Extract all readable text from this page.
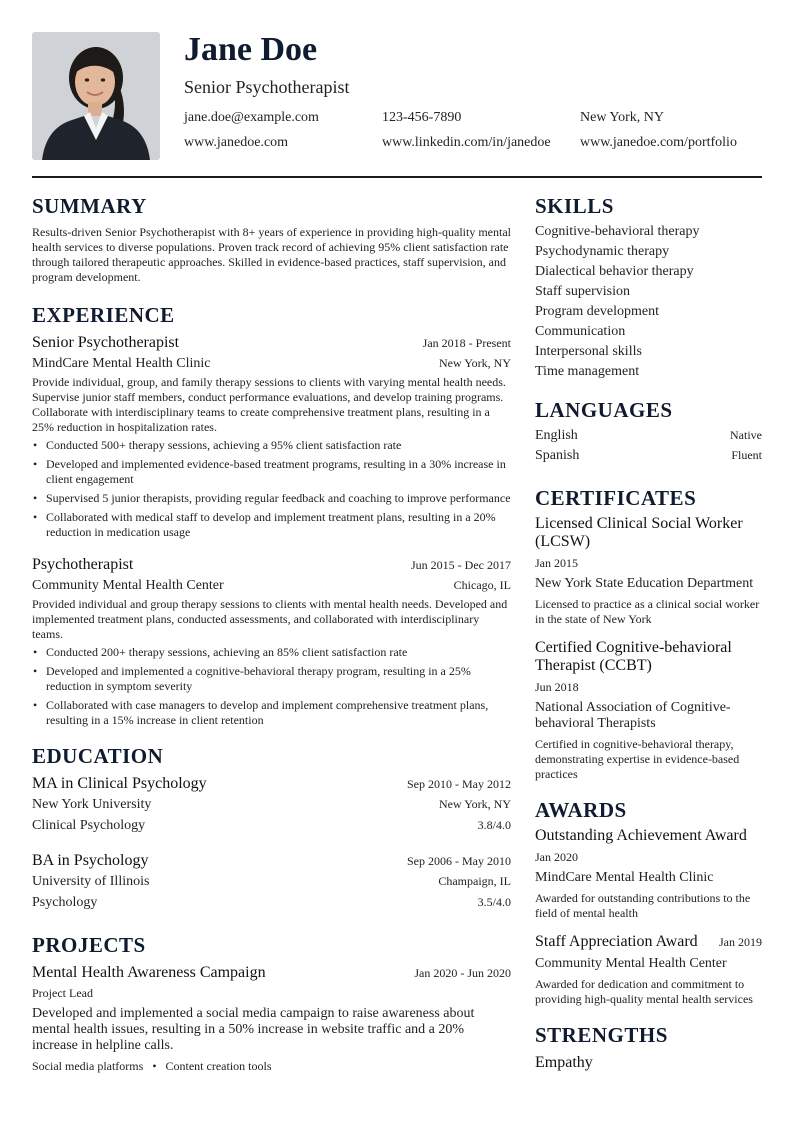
Jane Doe
Senior Psychotherapist
jane.doe@example.com	123-456-7890	New York, NY
www.janedoe.com	www.linkedin.com/in/janedoe	www.janedoe.com/portfolio
SUMMARY
Results-driven Senior Psychotherapist with 8+ years of experience in providing high-quality mental health services to diverse populations. Proven track record of achieving 95% client satisfaction rate through tailored therapeutic approaches. Skilled in evidence-based practices, staff supervision, and program development.
EXPERIENCE
Senior Psychotherapist	Jan 2018 - Present
MindCare Mental Health Clinic	New York, NY
Provide individual, group, and family therapy sessions to clients with varying mental health needs. Supervise junior staff members, conduct performance evaluations, and develop training programs. Collaborate with interdisciplinary teams to create comprehensive treatment plans, resulting in a 25% reduction in hospitalization rates.
• Conducted 500+ therapy sessions, achieving a 95% client satisfaction rate
• Developed and implemented evidence-based treatment programs, resulting in a 30% increase in client engagement
• Supervised 5 junior therapists, providing regular feedback and coaching to improve performance
• Collaborated with medical staff to develop and implement treatment plans, resulting in a 20% reduction in medication usage
Psychotherapist	Jun 2015 - Dec 2017
Community Mental Health Center	Chicago, IL
Provided individual and group therapy sessions to clients with mental health needs. Developed and implemented treatment plans, conducted assessments, and collaborated with interdisciplinary teams.
• Conducted 200+ therapy sessions, achieving an 85% client satisfaction rate
• Developed and implemented a cognitive-behavioral therapy program, resulting in a 25% reduction in symptom severity
• Collaborated with case managers to develop and implement comprehensive treatment plans, resulting in a 15% increase in client retention
EDUCATION
MA in Clinical Psychology	Sep 2010 - May 2012
New York University	New York, NY
Clinical Psychology	3.8/4.0
BA in Psychology	Sep 2006 - May 2010
University of Illinois	Champaign, IL
Psychology	3.5/4.0
PROJECTS
Mental Health Awareness Campaign	Jan 2020 - Jun 2020
Project Lead
Developed and implemented a social media campaign to raise awareness about mental health issues, resulting in a 50% increase in website traffic and a 20% increase in helpline calls.
Social media platforms • Content creation tools
SKILLS
Cognitive-behavioral therapy
Psychodynamic therapy
Dialectical behavior therapy
Staff supervision
Program development
Communication
Interpersonal skills
Time management
LANGUAGES
English	Native
Spanish	Fluent
CERTIFICATES
Licensed Clinical Social Worker (LCSW)
Jan 2015
New York State Education Department
Licensed to practice as a clinical social worker in the state of New York
Certified Cognitive-behavioral Therapist (CCBT)
Jun 2018
National Association of Cognitive-behavioral Therapists
Certified in cognitive-behavioral therapy, demonstrating expertise in evidence-based practices
AWARDS
Outstanding Achievement Award
Jan 2020
MindCare Mental Health Clinic
Awarded for outstanding contributions to the field of mental health
Staff Appreciation Award Jan 2019
Community Mental Health Center
Awarded for dedication and commitment to providing high-quality mental health services
STRENGTHS
Empathy
